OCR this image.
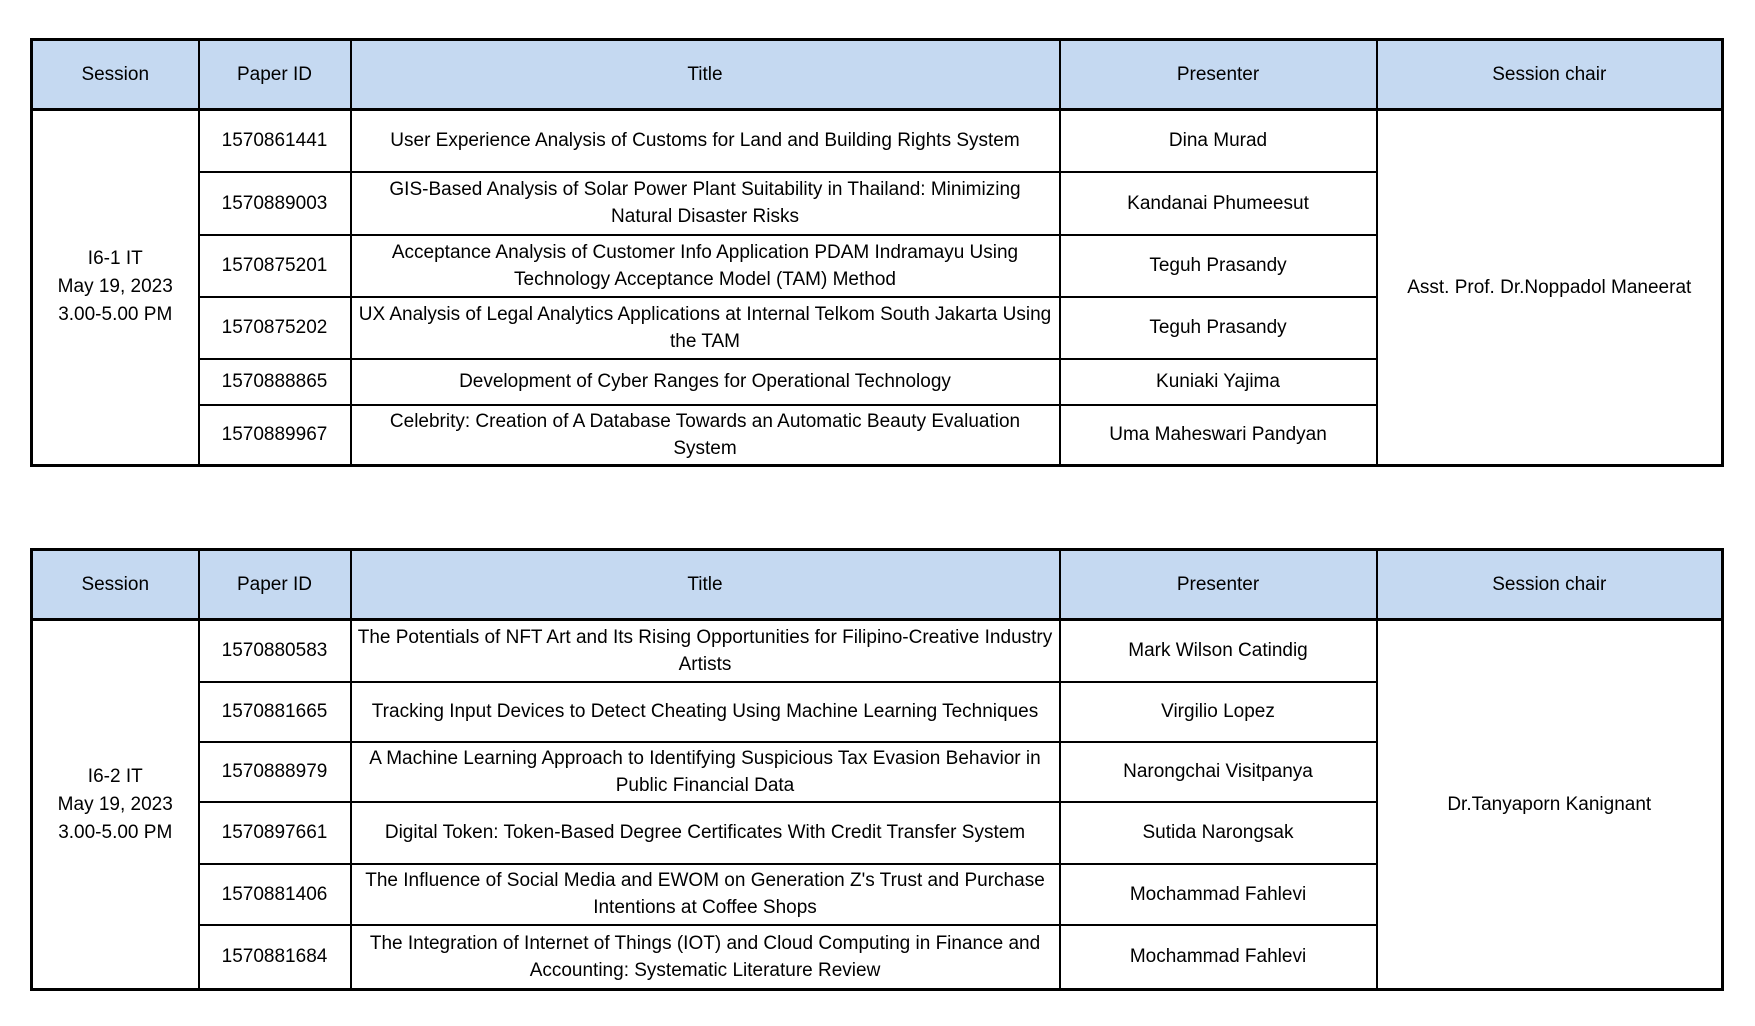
Session	Paper ID	Title	Presenter	Session chair

I6-1 IT
May 19, 2023
3.00-5.00 PM	1570861441	User Experience Analysis of Customs for Land and Building Rights System	Dina Murad	Asst. Prof. Dr.Noppadol Maneerat
	1570889003	GIS-Based Analysis of Solar Power Plant Suitability in Thailand: Minimizing Natural Disaster Risks	Kandanai Phumeesut	
	1570875201	Acceptance Analysis of Customer Info Application PDAM Indramayu Using Technology Acceptance Model (TAM) Method	Teguh Prasandy	
	1570875202	UX Analysis of Legal Analytics Applications at Internal Telkom South Jakarta Using the TAM	Teguh Prasandy	
	1570888865	Development of Cyber Ranges for Operational Technology	Kuniaki Yajima	
	1570889967	Celebrity: Creation of A Database Towards an Automatic Beauty Evaluation System	Uma Maheswari Pandyan	
Session	Paper ID	Title	Presenter	Session chair

I6-2 IT
May 19, 2023
3.00-5.00 PM	1570880583	The Potentials of NFT Art and Its Rising Opportunities for Filipino-Creative Industry Artists	Mark Wilson Catindig	Dr.Tanyaporn Kanignant
	1570881665	Tracking Input Devices to Detect Cheating Using Machine Learning Techniques	Virgilio Lopez	
	1570888979	A Machine Learning Approach to Identifying Suspicious Tax Evasion Behavior in Public Financial Data	Narongchai Visitpanya	
	1570897661	Digital Token: Token-Based Degree Certificates With Credit Transfer System	Sutida Narongsak	
	1570881406	The Influence of Social Media and EWOM on Generation Z's Trust and Purchase Intentions at Coffee Shops	Mochammad Fahlevi	
	1570881684	The Integration of Internet of Things (IOT) and Cloud Computing in Finance and Accounting: Systematic Literature Review	Mochammad Fahlevi	
